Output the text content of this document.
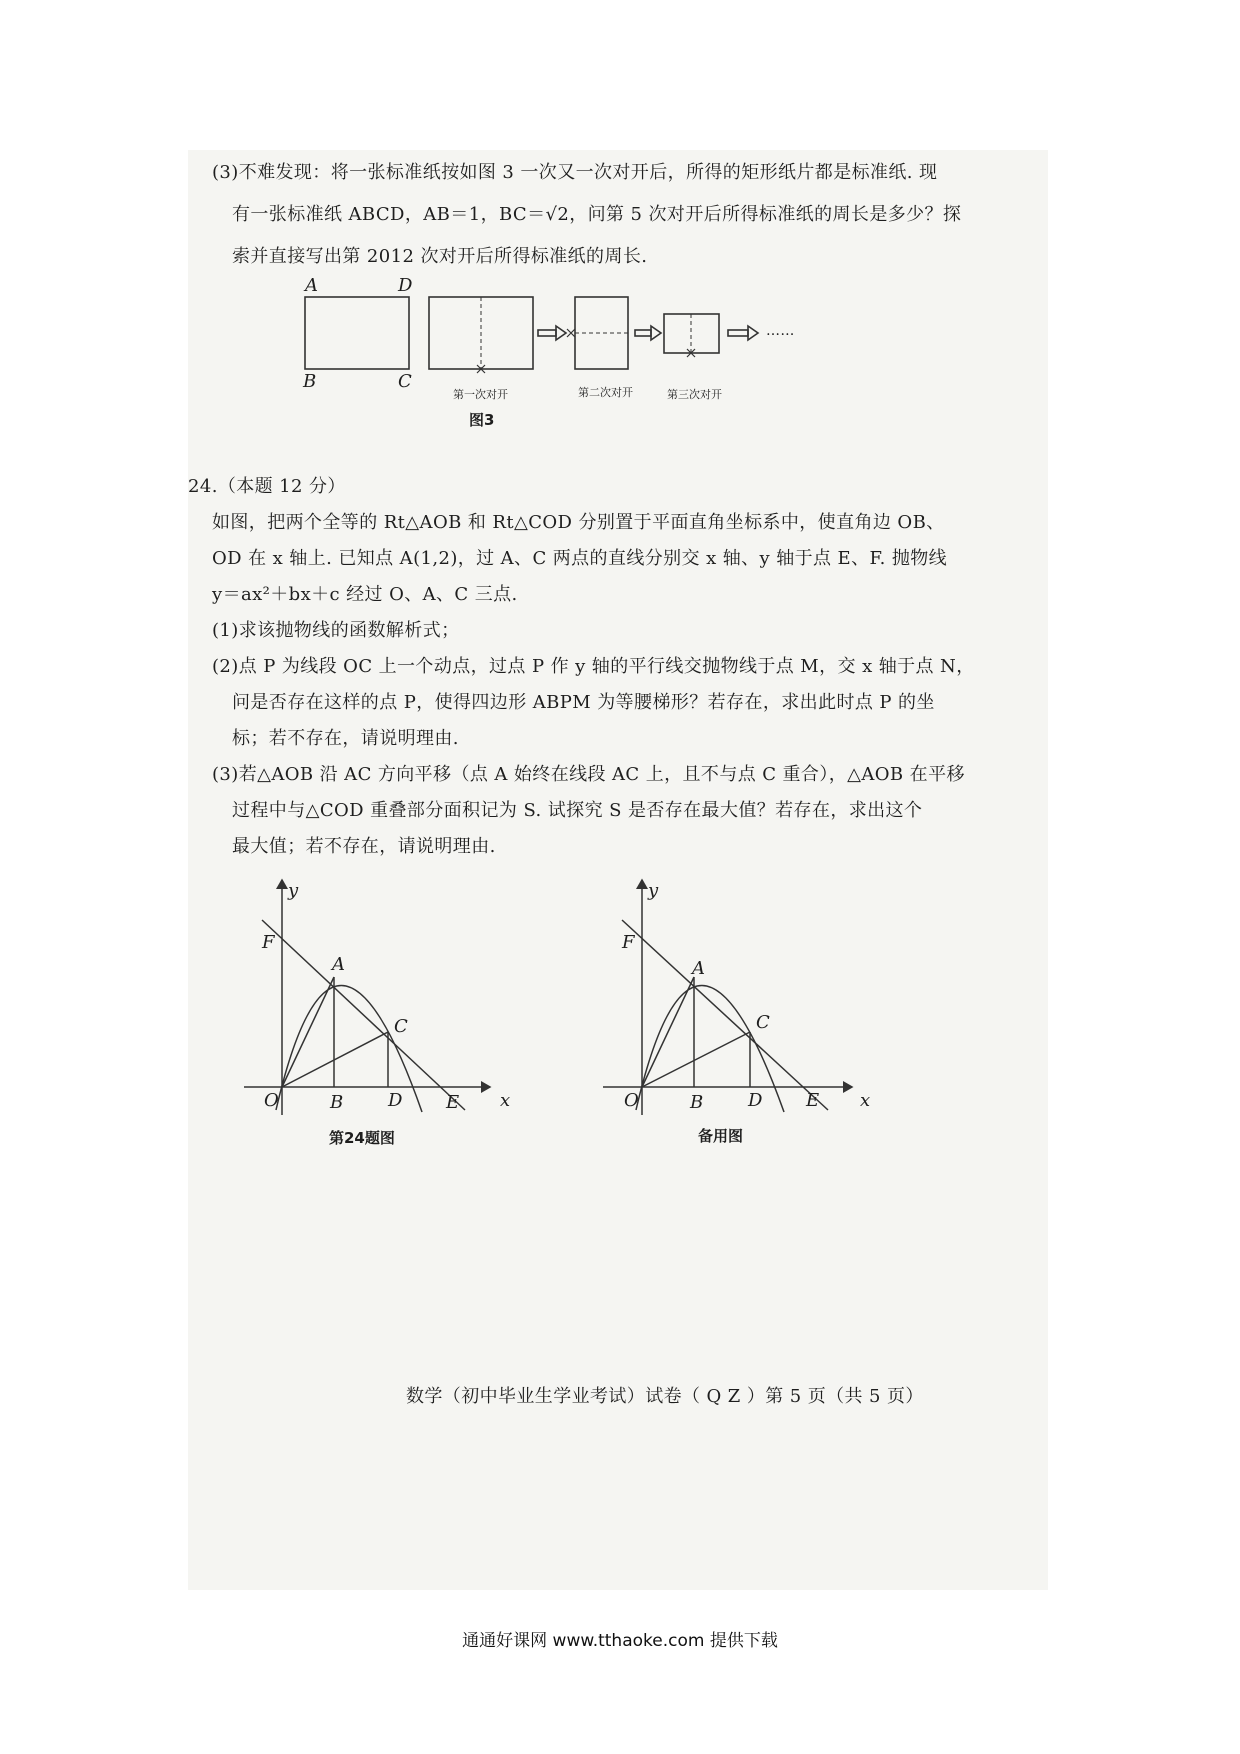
(3)不难发现：将一张标准纸按如图 3 一次又一次对开后，所得的矩形纸片都是标准纸. 现
有一张标准纸 ABCD，AB＝1，BC＝√2，问第 5 次对开后所得标准纸的周长是多少？探
索并直接写出第 2012 次对开后所得标准纸的周长.
A	D
B	C
……
第一次对开	第二次对开	第三次对开
图3
24.（本题 12 分）
如图，把两个全等的 Rt△AOB 和 Rt△COD 分别置于平面直角坐标系中，使直角边 OB、
OD 在 x 轴上. 已知点 A(1,2)，过 A、C 两点的直线分别交 x 轴、y 轴于点 E、F. 抛物线
y＝ax²＋bx＋c 经过 O、A、C 三点.
(1)求该抛物线的函数解析式；
(2)点 P 为线段 OC 上一个动点，过点 P 作 y 轴的平行线交抛物线于点 M，交 x 轴于点 N，
问是否存在这样的点 P，使得四边形 ABPM 为等腰梯形？若存在，求出此时点 P 的坐
标；若不存在，请说明理由.
(3)若△AOB 沿 AC 方向平移（点 A 始终在线段 AC 上，且不与点 C 重合），△AOB 在平移
过程中与△COD 重叠部分面积记为 S. 试探究 S 是否存在最大值？若存在，求出这个
最大值；若不存在，请说明理由.
y
x
F
A
C
O	B D E
第24题图
y
x
F
A
C
O	B D E
备用图
数学（初中毕业生学业考试）试卷（ Q Z ）第 5 页（共 5 页）
通通好课网 www.tthaoke.com 提供下载
